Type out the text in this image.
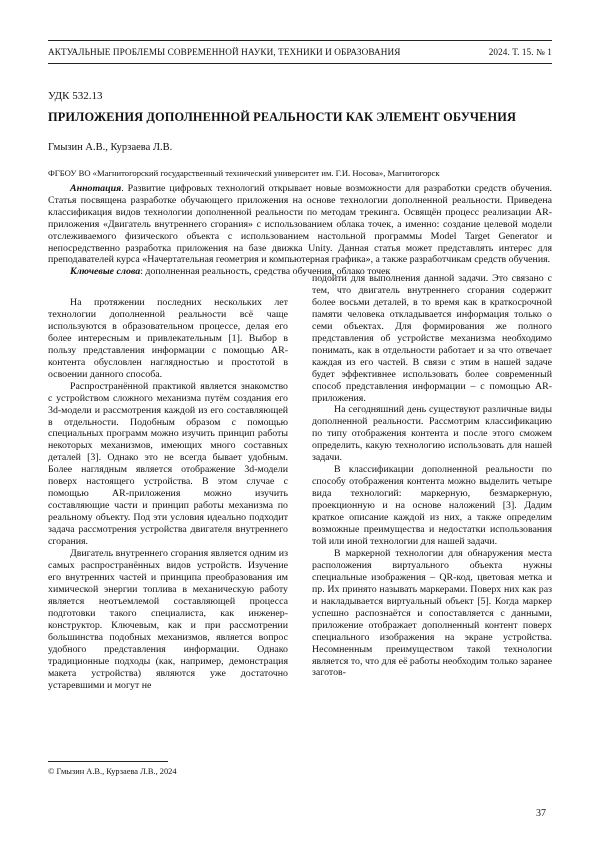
АКТУАЛЬНЫЕ ПРОБЛЕМЫ СОВРЕМЕННОЙ НАУКИ, ТЕХНИКИ И ОБРАЗОВАНИЯ	2024. Т. 15. № 1
УДК 532.13
ПРИЛОЖЕНИЯ ДОПОЛНЕННОЙ РЕАЛЬНОСТИ КАК ЭЛЕМЕНТ ОБУЧЕНИЯ
Гмызин А.В., Курзаева Л.В.
ФГБОУ ВО «Магнитогорский государственный технический университет им. Г.И. Носова», Магнитогорск

Аннотация. Развитие цифровых технологий открывает новые возможности для разработки средств обучения. Статья посвящена разработке обучающего приложения на основе технологии дополненной реальности. Приведена классификация видов технологии дополненной реальности по методам трекинга. Освящён процесс реализации AR-приложения «Двигатель внутреннего сгорания» с использованием облака точек, а именно: создание целевой модели отслеживаемого физического объекта с использованием настольной программы Model Target Generator и непосредственно разработка приложения на базе движка Unity. Данная статья может представлять интерес для преподавателей курса «Начертательная геометрия и компьютерная графика», а также разработчикам средств обучения.

Ключевые слова: дополненная реальность, средства обучения, облако точек

На протяжении последних нескольких лет технологии дополненной реальности всё чаще используются в образовательном процессе, делая его более интересным и привлекательным [1]. Выбор в пользу представления информации с помощью AR-контента обусловлен наглядностью и простотой в освоении данного способа.

Распространённой практикой является знакомство с устройством сложного механизма путём создания его 3d-модели и рассмотрения каждой из его составляющей в отдельности. Подобным образом с помощью специальных программ можно изучить принцип работы некоторых механизмов, имеющих много составных деталей [3]. Однако это не всегда бывает удобным. Более наглядным является отображение 3d-модели поверх настоящего устройства. В этом случае с помощью AR-приложения можно изучить составляющие части и принцип работы механизма по реальному объекту. Под эти условия идеально подходит задача рассмотрения устройства двигателя внутреннего сгорания.

Двигатель внутреннего сгорания является одним из самых распространённых видов устройств. Изучение его внутренних частей и принципа преобразования им химической энергии топлива в механическую работу является неотъемлемой составляющей процесса подготовки такого специалиста, как инженер-конструктор. Ключевым, как и при рассмотрении большинства подобных механизмов, является вопрос удобного представления информации. Однако традиционные подходы (как, например, демонстрация макета устройства) являются уже достаточно устаревшими и могут не

подойти для выполнения данной задачи. Это связано с тем, что двигатель внутреннего сгорания содержит более восьми деталей, в то время как в краткосрочной памяти человека откладывается информация только о семи объектах. Для формирования же полного представления об устройстве механизма необходимо понимать, как в отдельности работает и за что отвечает каждая из его частей. В связи с этим в нашей задаче будет эффективнее использовать более современный способ представления информации – с помощью AR-приложения.

На сегодняшний день существуют различные виды дополненной реальности. Рассмотрим классификацию по типу отображения контента и после этого сможем определить, какую технологию использовать для нашей задачи.

В классификации дополненной реальности по способу отображения контента можно выделить четыре вида технологий: маркерную, безмаркерную, проекционную и на основе наложений [3]. Дадим краткое описание каждой из них, а также определим возможные преимущества и недостатки использования той или иной технологии для нашей задачи.

В маркерной технологии для обнаружения места расположения виртуального объекта нужны специальные изображения – QR-код, цветовая метка и пр. Их принято называть маркерами. Поверх них как раз и накладывается виртуальный объект [5]. Когда маркер успешно распознаётся и сопоставляется с данными, приложение отображает дополненный контент поверх специального изображения на экране устройства. Несомненным преимуществом такой технологии является то, что для её работы необходим только заранее заготов-

© Гмызин А.В., Курзаева Л.В., 2024
37
